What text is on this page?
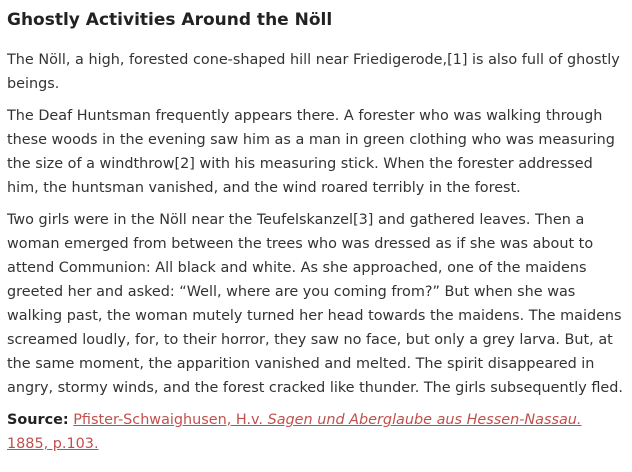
Ghostly Activities Around the Nöll

The Nöll, a high, forested cone-shaped hill near Friedigerode,[1] is also full of ghostly beings.

The Deaf Huntsman frequently appears there. A forester who was walking through these woods in the evening saw him as a man in green clothing who was measuring the size of a windthrow[2] with his measuring stick. When the forester addressed him, the huntsman vanished, and the wind roared terribly in the forest.

Two girls were in the Nöll near the Teufelskanzel[3] and gathered leaves. Then a woman emerged from between the trees who was dressed as if she was about to attend Communion: All black and white. As she approached, one of the maidens greeted her and asked: “Well, where are you coming from?” But when she was walking past, the woman mutely turned her head towards the maidens. The maidens screamed loudly, for, to their horror, they saw no face, but only a grey larva. But, at the same moment, the apparition vanished and melted. The spirit disappeared in angry, stormy winds, and the forest cracked like thunder. The girls subsequently fled.

Source: Pfister-Schwaighusen, H.v. Sagen und Aberglaube aus Hessen-Nassau. 1885, p.103.
